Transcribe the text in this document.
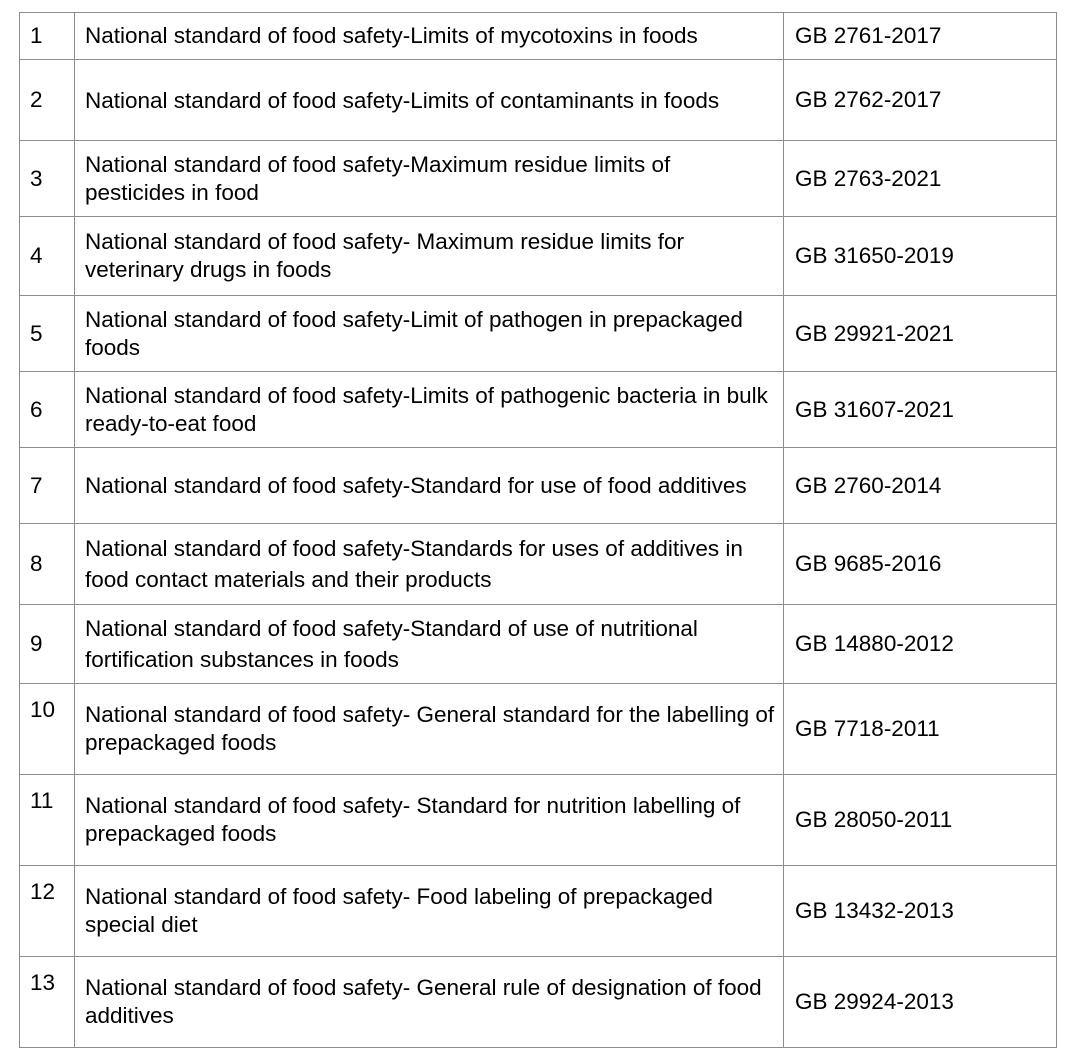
1	National standard of food safety-Limits of mycotoxins in foods	GB 2761-2017
2	National standard of food safety-Limits of contaminants in foods	GB 2762-2017
3	National standard of food safety-Maximum residue limits of pesticides in food	GB 2763-2021
4	National standard of food safety- Maximum residue limits for veterinary drugs in foods	GB 31650-2019
5	National standard of food safety-Limit of pathogen in prepackaged foods	GB 29921-2021
6	National standard of food safety-Limits of pathogenic bacteria in bulk ready-to-eat food	GB 31607-2021
7	National standard of food safety-Standard for use of food additives	GB 2760-2014
8	National standard of food safety-Standards for uses of additives in food contact materials and their products	GB 9685-2016
9	National standard of food safety-Standard of use of nutritional fortification substances in foods	GB 14880-2012
10	National standard of food safety- General standard for the labelling of prepackaged foods	GB 7718-2011
11	National standard of food safety- Standard for nutrition labelling of prepackaged foods	GB 28050-2011
12	National standard of food safety- Food labeling of prepackaged special diet	GB 13432-2013
13	National standard of food safety- General rule of designation of food additives	GB 29924-2013
